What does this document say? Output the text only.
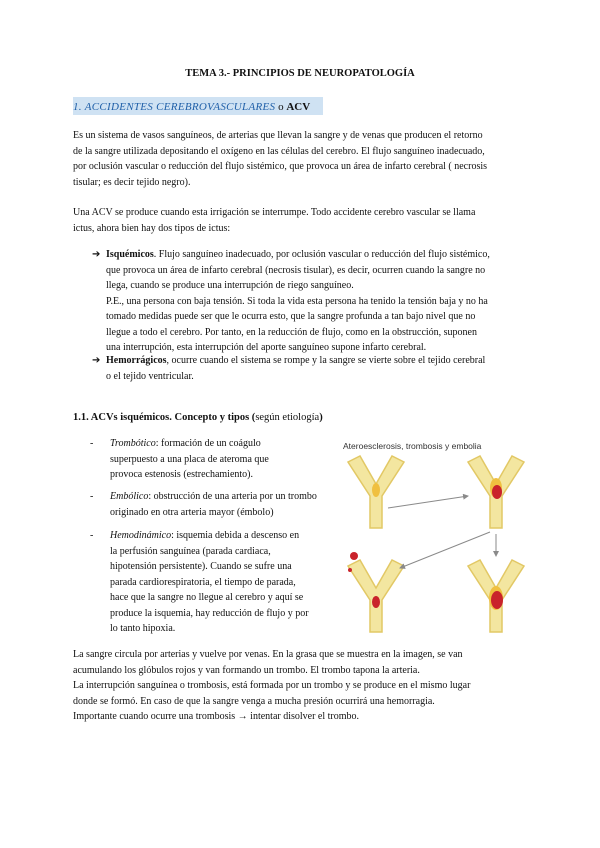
TEMA 3.- PRINCIPIOS DE NEUROPATOLOGÍA
1. ACCIDENTES CEREBROVASCULARES o ACV

Es un sistema de vasos sanguíneos, de arterias que llevan la sangre y de venas que producen el retorno

de la sangre utilizada depositando el oxígeno en las células del cerebro. El flujo sanguíneo inadecuado,

por oclusión vascular o reducción del flujo sistémico, que provoca un área de infarto cerebral ( necrosis

tisular; es decir tejido negro).

Una ACV se produce cuando esta irrigación se interrumpe. Todo accidente cerebro vascular se llama

ictus, ahora bien hay dos tipos de ictus:

➔ Isquémicos. Flujo sanguíneo inadecuado, por oclusión vascular o reducción del flujo sistémico,
que provoca un área de infarto cerebral (necrosis tisular), es decir, ocurren cuando la sangre no
llega, cuando se produce una interrupción de riego sanguíneo.
P.E., una persona con baja tensión. Si toda la vida esta persona ha tenido la tensión baja y no ha
tomado medidas puede ser que le ocurra esto, que la sangre profunda a tan bajo nivel que no
llegue a todo el cerebro. Por tanto, en la reducción de flujo, como en la obstrucción, suponen
una interrupción, esta interrupción del aporte sanguíneo supone infarto cerebral.
➔ Hemorrágicos, ocurre cuando el sistema se rompe y la sangre se vierte sobre el tejido cerebral
o el tejido ventricular.
1.1. ACVs isquémicos. Concepto y tipos (según etiología)
-	Trombótico: formación de un coágulo
superpuesto a una placa de ateroma que
provoca estenosis (estrechamiento).
-	Embólico: obstrucción de una arteria por un trombo
originado en otra arteria mayor (émbolo)
-	Hemodinámico: isquemia debida a descenso en
la perfusión sanguínea (parada cardiaca,
hipotensión persistente). Cuando se sufre una
parada cardiorespiratoria, el tiempo de parada,
hace que la sangre no llegue al cerebro y aquí se
produce la isquemia, hay reducción de flujo y por
lo tanto hipoxia.
Ateroesclerosis, trombosis y embolia

La sangre circula por arterias y vuelve por venas. En la grasa que se muestra en la imagen, se van

acumulando los glóbulos rojos y van formando un trombo. El trombo tapona la arteria.

La interrupción sanguínea o trombosis, está formada por un trombo y se produce en el mismo lugar

donde se formó. En caso de que la sangre venga a mucha presión ocurrirá una hemorragia.

Importante cuando ocurre una trombosis → intentar disolver el trombo.
